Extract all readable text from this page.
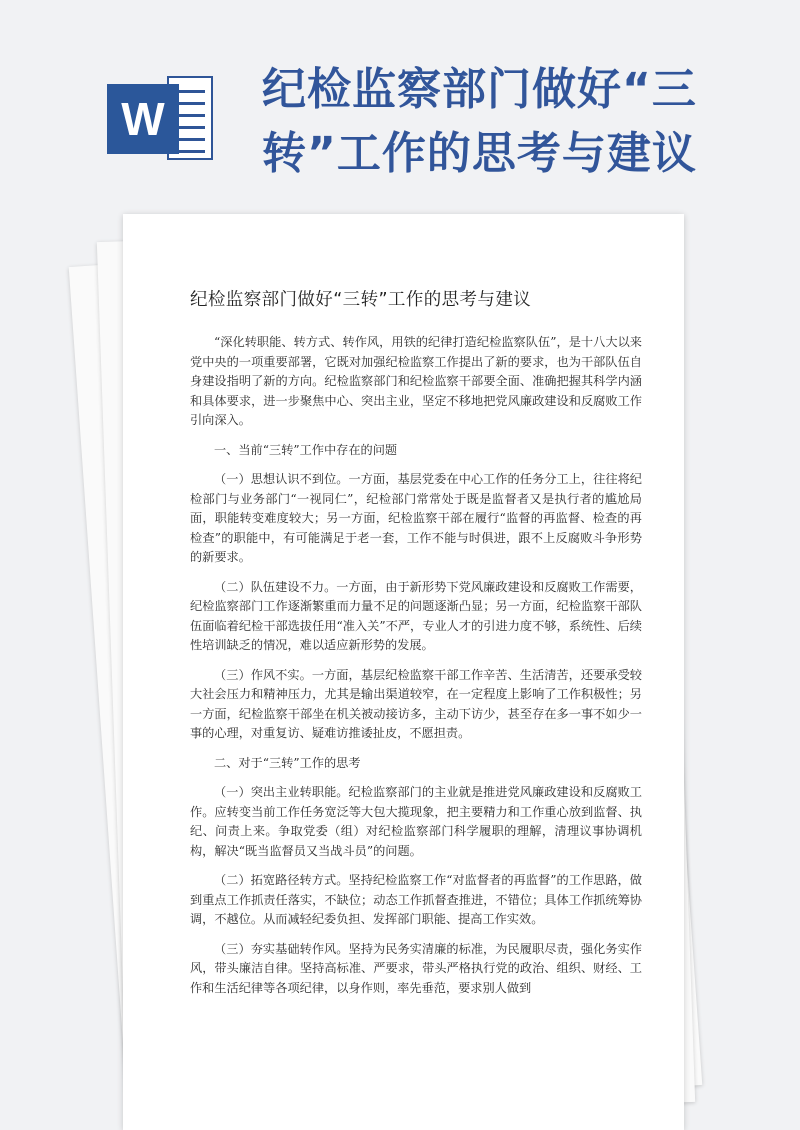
W
纪检监察部门做好“三
转”工作的思考与建议
纪检监察部门做好“三转”工作的思考与建议

“深化转职能、转方式、转作风，用铁的纪律打造纪检监察队伍”，是十八大以来党中央的一项重要部署，它既对加强纪检监察工作提出了新的要求，也为干部队伍自身建设指明了新的方向。纪检监察部门和纪检监察干部要全面、准确把握其科学内涵和具体要求，进一步聚焦中心、突出主业，坚定不移地把党风廉政建设和反腐败工作引向深入。

一、当前“三转”工作中存在的问题

（一）思想认识不到位。一方面，基层党委在中心工作的任务分工上，往往将纪检部门与业务部门“一视同仁”，纪检部门常常处于既是监督者又是执行者的尴尬局面，职能转变难度较大；另一方面，纪检监察干部在履行“监督的再监督、检查的再检查”的职能中，有可能满足于老一套，工作不能与时俱进，跟不上反腐败斗争形势的新要求。

（二）队伍建设不力。一方面，由于新形势下党风廉政建设和反腐败工作需要，纪检监察部门工作逐渐繁重而力量不足的问题逐渐凸显；另一方面，纪检监察干部队伍面临着纪检干部选拔任用“准入关”不严，专业人才的引进力度不够，系统性、后续性培训缺乏的情况，难以适应新形势的发展。

（三）作风不实。一方面，基层纪检监察干部工作辛苦、生活清苦，还要承受较大社会压力和精神压力，尤其是输出渠道较窄，在一定程度上影响了工作积极性；另一方面，纪检监察干部坐在机关被动接访多，主动下访少，甚至存在多一事不如少一事的心理，对重复访、疑难访推诿扯皮，不愿担责。

二、对于“三转”工作的思考

（一）突出主业转职能。纪检监察部门的主业就是推进党风廉政建设和反腐败工作。应转变当前工作任务宽泛等大包大揽现象，把主要精力和工作重心放到监督、执纪、问责上来。争取党委（组）对纪检监察部门科学履职的理解，清理议事协调机构，解决“既当监督员又当战斗员”的问题。

（二）拓宽路径转方式。坚持纪检监察工作“对监督者的再监督”的工作思路，做到重点工作抓责任落实，不缺位；动态工作抓督查推进，不错位；具体工作抓统筹协调，不越位。从而减轻纪委负担、发挥部门职能、提高工作实效。

（三）夯实基础转作风。坚持为民务实清廉的标准，为民履职尽责，强化务实作风，带头廉洁自律。坚持高标准、严要求，带头严格执行党的政治、组织、财经、工作和生活纪律等各项纪律，以身作则，率先垂范，要求别人做到
